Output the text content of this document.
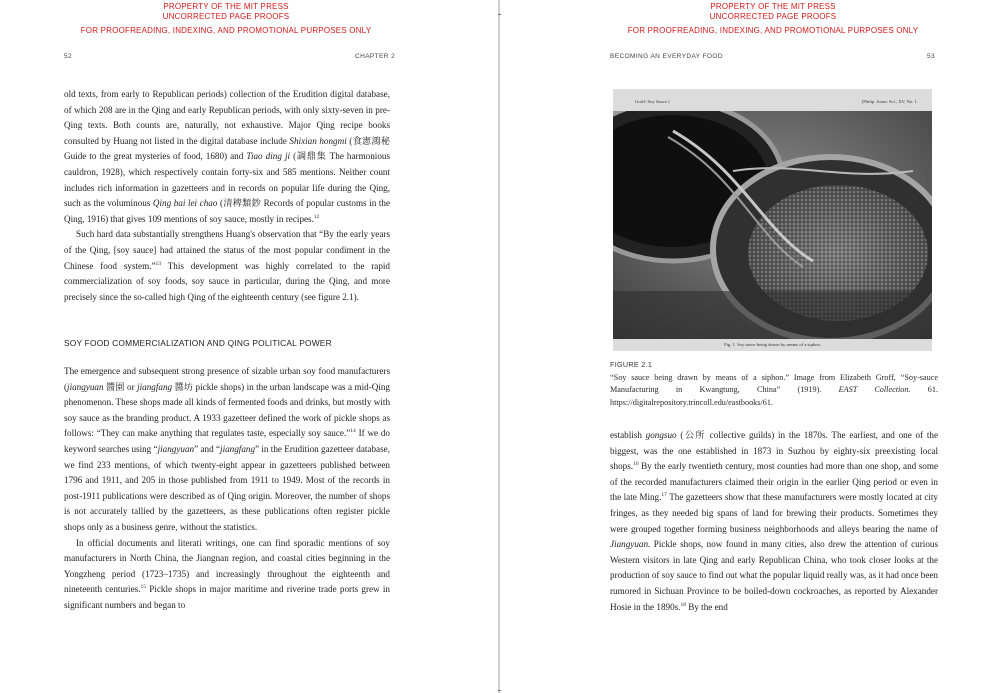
PROPERTY OF THE MIT PRESS
UNCORRECTED PAGE PROOFS
FOR PROOFREADING, INDEXING, AND PROMOTIONAL PURPOSES ONLY
52	CHAPTER 2

old texts, from early to Republican periods) collection of the Erudition digital database, of which 208 are in the Qing and early Republican periods, with only sixty-seven in pre-Qing texts. Both counts are, naturally, not exhaustive. Major Qing recipe books consulted by Huang not listed in the digital database include Shixian hongmi (食憲鴻秘 Guide to the great mysteries of food, 1680) and Tiao ding ji (調鼎集 The harmonious cauldron, 1928), which respectively contain forty-six and 585 mentions. Neither count includes rich information in gazetteers and in records on popular life during the Qing, such as the voluminous Qing bai lei chao (清稗類鈔 Records of popular customs in the Qing, 1916) that gives 109 mentions of soy sauce, mostly in recipes.$^{12}$

Such hard data substantially strengthens Huang's observation that “By the early years of the Qing, [soy sauce] had attained the status of the most popular condiment in the Chinese food system.”$^{13}$ This development was highly correlated to the rapid commercialization of soy foods, soy sauce in particular, during the Qing, and more precisely since the so-called high Qing of the eighteenth century (see figure 2.1).

SOY FOOD COMMERCIALIZATION AND QING POLITICAL POWER

The emergence and subsequent strong presence of sizable urban soy food manufacturers (jiangyuan 醬園 or jiangfang 醬坊 pickle shops) in the urban landscape was a mid-Qing phenomenon. These shops made all kinds of fermented foods and drinks, but mostly with soy sauce as the branding product. A 1933 gazetteer defined the work of pickle shops as follows: “They can make anything that regulates taste, especially soy sauce.”$^{14}$ If we do keyword searches using “jiangyuan” and “jiangfang” in the Erudition gazetteer database, we find 233 mentions, of which twenty-eight appear in gazetteers published between 1796 and 1911, and 205 in those published from 1911 to 1949. Most of the records in post-1911 publications were described as of Qing origin. Moreover, the number of shops is not accurately tallied by the gazetteers, as these publications often register pickle shops only as a business genre, without the statistics.

In official documents and literati writings, one can find sporadic mentions of soy manufacturers in North China, the Jiangnan region, and coastal cities beginning in the Yongzheng period (1723–1735) and increasingly throughout the eighteenth and nineteenth centuries.$^{15}$ Pickle shops in major maritime and riverine trade ports grew in significant numbers and began to

PROPERTY OF THE MIT PRESS
UNCORRECTED PAGE PROOFS
FOR PROOFREADING, INDEXING, AND PROMOTIONAL PURPOSES ONLY
BECOMING AN EVERYDAY FOOD	53
Groff: Soy Sauce.]	[Philip. Journ. Sci., XV, No. 1.
Fig. 1. Soy sauce being drawn by means of a siphon.
FIGURE 2.1
“Soy sauce being drawn by means of a siphon.” Image from Elizabeth Groff, “Soy-sauce Manufacturing in Kwangtung, China” (1919). EAST Collection. 61. https://digitalrepository.trincoll.edu/eastbooks/61.

establish gongsuo (公所 collective guilds) in the 1870s. The earliest, and one of the biggest, was the one established in 1873 in Suzhou by eighty-six preexisting local shops.$^{16}$ By the early twentieth century, most counties had more than one shop, and some of the recorded manufacturers claimed their origin in the earlier Qing period or even in the late Ming.$^{17}$ The gazetteers show that these manufacturers were mostly located at city fringes, as they needed big spans of land for brewing their products. Sometimes they were grouped together forming business neighborhoods and alleys bearing the name of Jiangyuan. Pickle shops, now found in many cities, also drew the attention of curious Western visitors in late Qing and early Republican China, who took closer looks at the production of soy sauce to find out what the popular liquid really was, as it had once been rumored in Sichuan Province to be boiled-down cockroaches, as reported by Alexander Hosie in the 1890s.$^{18}$ By the end
